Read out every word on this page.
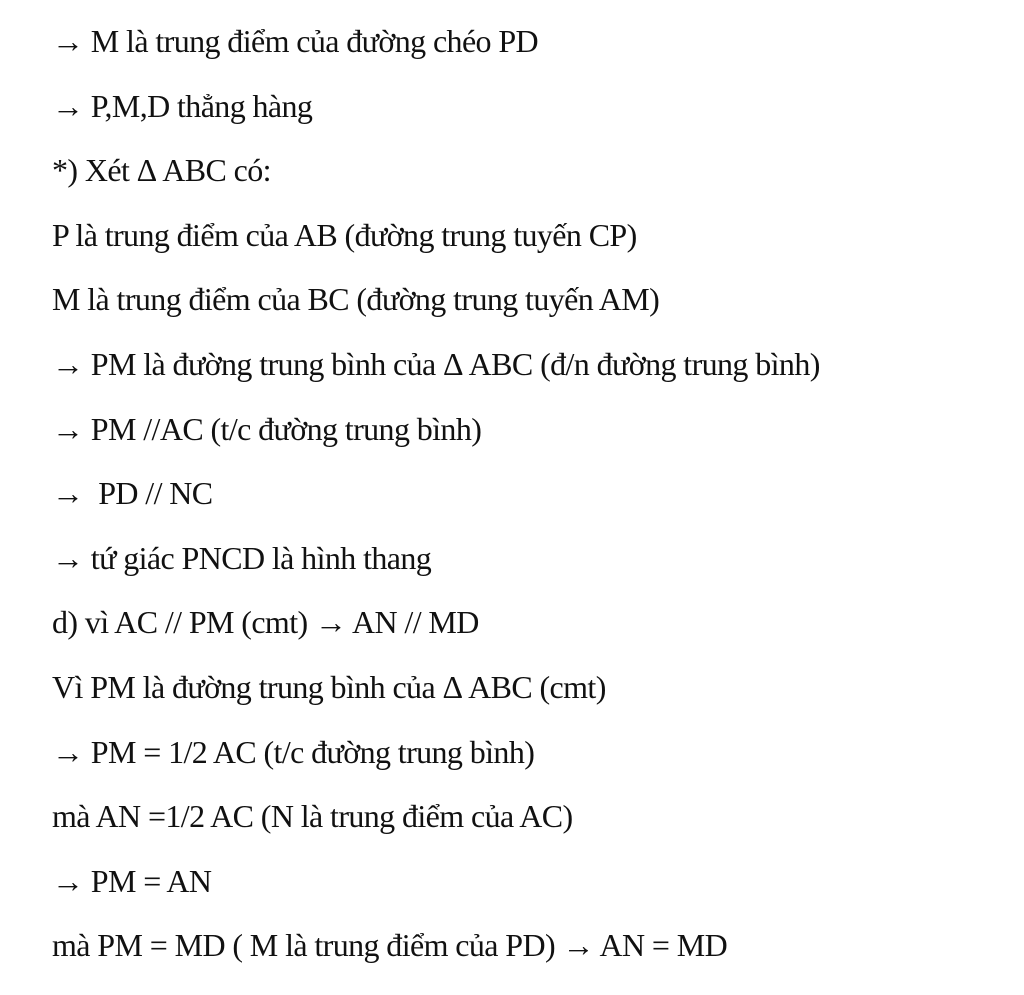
→ M là trung điểm của đường chéo PD
→ P,M,D thẳng hàng
*) Xét Δ ABC có:
P là trung điểm của AB (đường trung tuyến CP)
M là trung điểm của BC (đường trung tuyến AM)
→ PM là đường trung bình của Δ ABC (đ/n đường trung bình)
→ PM //AC (t/c đường trung bình)
→  PD // NC
→ tứ giác PNCD là hình thang
d) vì AC // PM (cmt) → AN // MD
Vì PM là đường trung bình của Δ ABC (cmt)
→ PM = 1/2 AC (t/c đường trung bình)
mà AN =1/2 AC (N là trung điểm của AC)
→ PM = AN
mà PM = MD ( M là trung điểm của PD) → AN = MD
